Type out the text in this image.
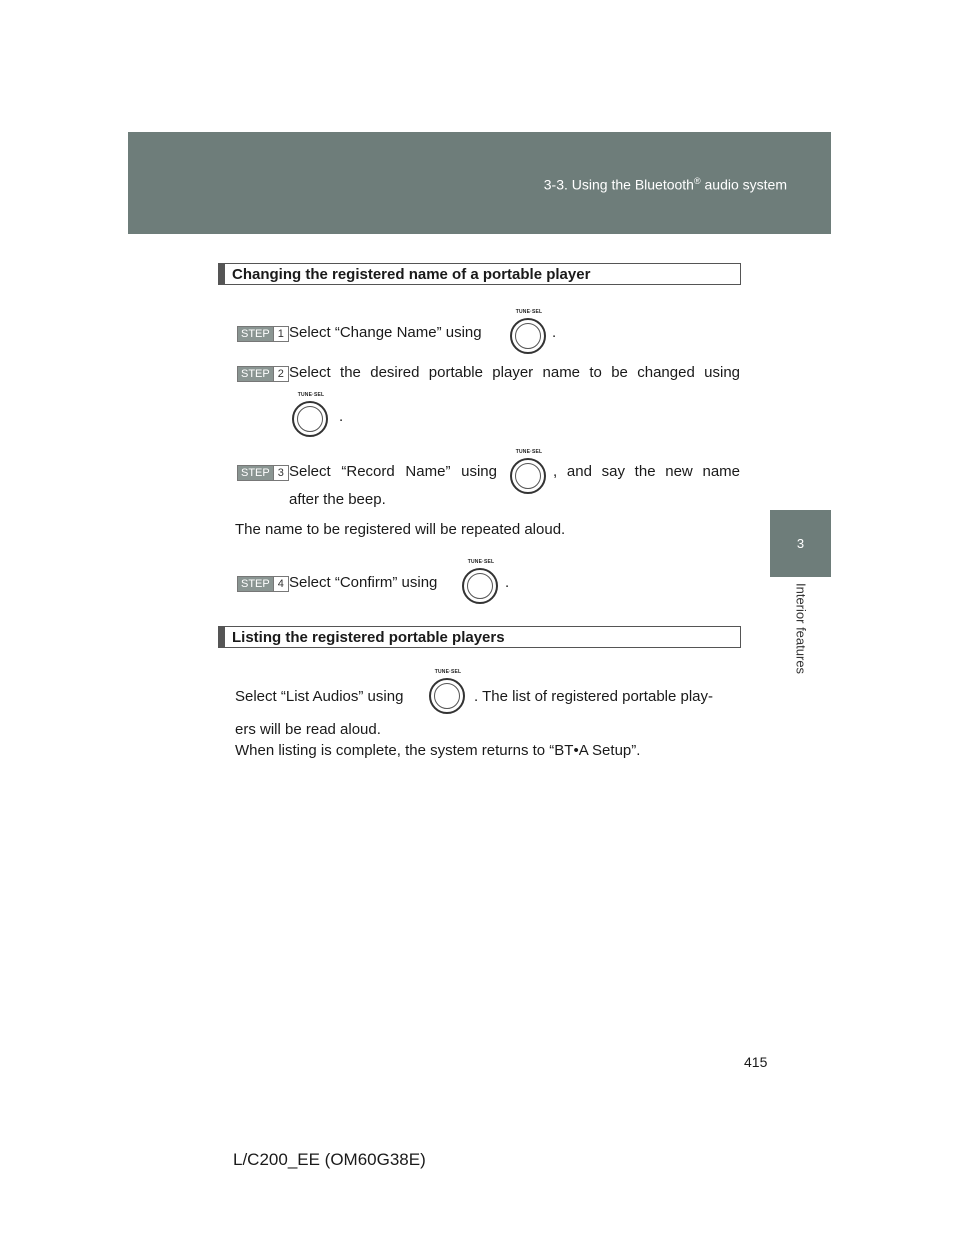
3-3. Using the Bluetooth® audio system
3
Interior features
Changing the registered name of a portable player
STEP 1 Select “Change Name” using
TUNE·SEL
.
STEP 2 Select the desired portable player name to be changed using
TUNE·SEL
.
STEP 3 Select “Record Name” using
TUNE·SEL
, and say the new name
after the beep.
The name to be registered will be repeated aloud.
STEP 4 Select “Confirm” using
TUNE·SEL
.
Listing the registered portable players
Select “List Audios” using
TUNE·SEL
. The list of registered portable play-
ers will be read aloud.
When listing is complete, the system returns to “BT•A Setup”.
415
L/C200_EE (OM60G38E)
